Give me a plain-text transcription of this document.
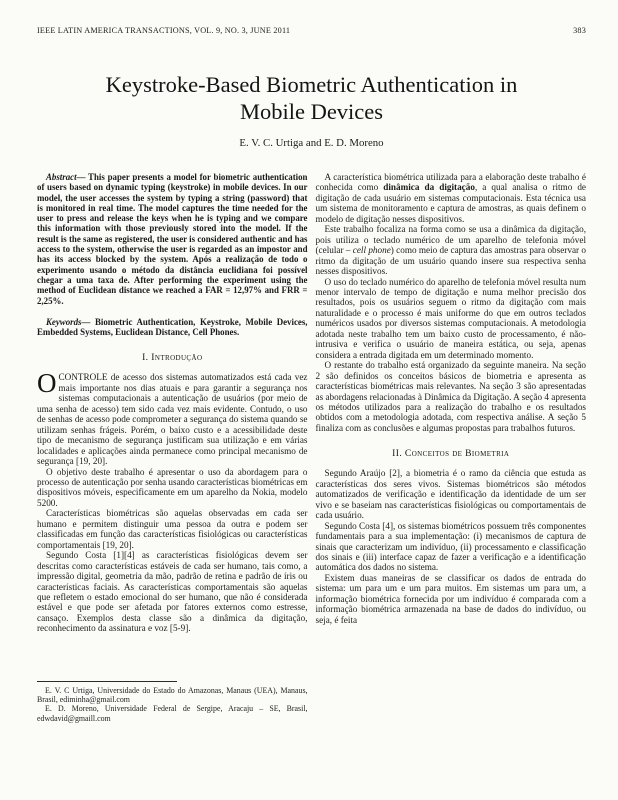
IEEE LATIN AMERICA TRANSACTIONS, VOL. 9, NO. 3, JUNE 2011	383
Keystroke-Based Biometric Authentication in
Mobile Devices
E. V. C. Urtiga and E. D. Moreno

Abstract— This paper presents a model for biometric authentication of users based on dynamic typing (keystroke) in mobile devices. In our model, the user accesses the system by typing a string (password) that is monitored in real time. The model captures the time needed for the user to press and release the keys when he is typing and we compare this information with those previously stored into the model. If the result is the same as registered, the user is considered authentic and has access to the system, otherwise the user is regarded as an impostor and has its access blocked by the system. Após a realização de todo o experimento usando o método da distância euclidiana foi possível chegar a uma taxa de. After performing the experiment using the method of Euclidean distance we reached a FAR = 12,97% and FRR = 2,25%.

Keywords— Biometric Authentication, Keystroke, Mobile Devices, Embedded Systems, Euclidean Distance, Cell Phones.

I. Introdução

OCONTROLE de acesso dos sistemas automatizados está cada vez mais importante nos dias atuais e para garantir a segurança nos sistemas computacionais a autenticação de usuários (por meio de uma senha de acesso) tem sido cada vez mais evidente. Contudo, o uso de senhas de acesso pode comprometer a segurança do sistema quando se utilizam senhas frágeis. Porém, o baixo custo e a acessibilidade deste tipo de mecanismo de segurança justificam sua utilização e em várias localidades e aplicações ainda permanece como principal mecanismo de segurança [19, 20].

O objetivo deste trabalho é apresentar o uso da abordagem para o processo de autenticação por senha usando características biométricas em dispositivos móveis, especificamente em um aparelho da Nokia, modelo 5200.

Características biométricas são aquelas observadas em cada ser humano e permitem distinguir uma pessoa da outra e podem ser classificadas em função das características fisiológicas ou características comportamentais [19, 20].

Segundo Costa [1][4] as características fisiológicas devem ser descritas como características estáveis de cada ser humano, tais como, a impressão digital, geometria da mão, padrão de retina e padrão de íris ou características faciais. As características comportamentais são aquelas que refletem o estado emocional do ser humano, que não é considerada estável e que pode ser afetada por fatores externos como estresse, cansaço. Exemplos desta classe são a dinâmica da digitação, reconhecimento da assinatura e voz [5-9].

E. V. C Urtiga, Universidade do Estado do Amazonas, Manaus (UEA), Manaus, Brasil, ediminha@gmail.com

E. D. Moreno, Universidade Federal de Sergipe, Aracaju – SE, Brasil, edwdavid@gmaill.com

A característica biométrica utilizada para a elaboração deste trabalho é conhecida como dinâmica da digitação, a qual analisa o ritmo de digitação de cada usuário em sistemas computacionais. Esta técnica usa um sistema de monitoramento e captura de amostras, as quais definem o modelo de digitação nesses dispositivos.

Este trabalho focaliza na forma como se usa a dinâmica da digitação, pois utiliza o teclado numérico de um aparelho de telefonia móvel (celular – cell phone) como meio de captura das amostras para observar o ritmo da digitação de um usuário quando insere sua respectiva senha nesses dispositivos.

O uso do teclado numérico do aparelho de telefonia móvel resulta num menor intervalo de tempo de digitação e numa melhor precisão dos resultados, pois os usuários seguem o ritmo da digitação com mais naturalidade e o processo é mais uniforme do que em outros teclados numéricos usados por diversos sistemas computacionais. A metodologia adotada neste trabalho tem um baixo custo de processamento, é não-intrusiva e verifica o usuário de maneira estática, ou seja, apenas considera a entrada digitada em um determinado momento.

O restante do trabalho está organizado da seguinte maneira. Na seção 2 são definidos os conceitos básicos de biometria e apresenta as características biométricas mais relevantes. Na seção 3 são apresentadas as abordagens relacionadas à Dinâmica da Digitação. A seção 4 apresenta os métodos utilizados para a realização do trabalho e os resultados obtidos com a metodologia adotada, com respectiva análise. A seção 5 finaliza com as conclusões e algumas propostas para trabalhos futuros.

II. Conceitos de Biometria

Segundo Araújo [2], a biometria é o ramo da ciência que estuda as características dos seres vivos. Sistemas biométricos são métodos automatizados de verificação e identificação da identidade de um ser vivo e se baseiam nas características fisiológicas ou comportamentais de cada usuário.

Segundo Costa [4], os sistemas biométricos possuem três componentes fundamentais para a sua implementação: (i) mecanismos de captura de sinais que caracterizam um indivíduo, (ii) processamento e classificação dos sinais e (iii) interface capaz de fazer a verificação e a identificação automática dos dados no sistema.

Existem duas maneiras de se classificar os dados de entrada do sistema: um para um e um para muitos. Em sistemas um para um, a informação biométrica fornecida por um indivíduo é comparada com a informação biométrica armazenada na base de dados do indivíduo, ou seja, é feita
